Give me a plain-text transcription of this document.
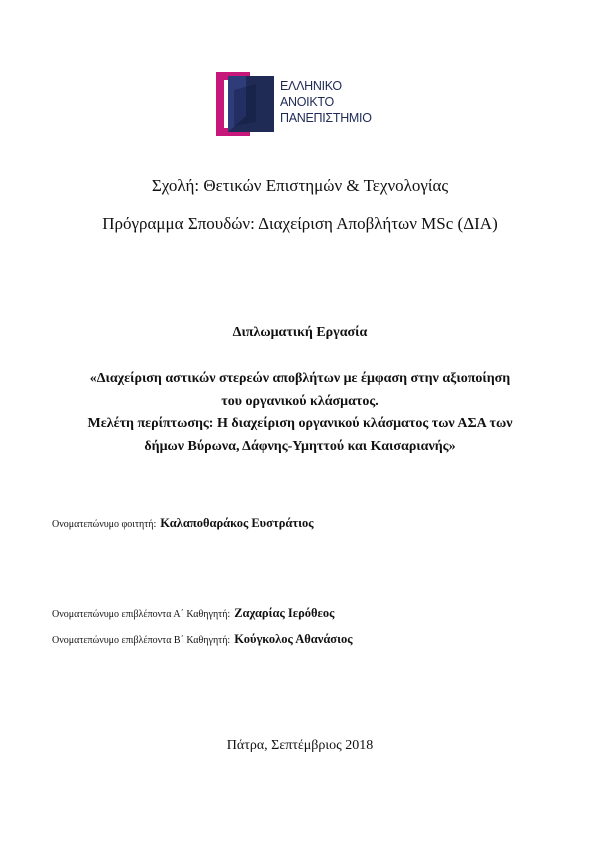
ΕΛΛΗΝΙΚΟ
ΑΝΟΙΚΤΟ
ΠΑΝΕΠΙΣΤΗΜΙΟ
Σχολή: Θετικών Επιστημών & Τεχνολογίας
Πρόγραμμα Σπουδών: Διαχείριση Αποβλήτων MSc (ΔΙΑ)
Διπλωματική Εργασία
«Διαχείριση αστικών στερεών αποβλήτων με έμφαση στην αξιοποίηση
του οργανικού κλάσματος.
Μελέτη περίπτωσης: Η διαχείριση οργανικού κλάσματος των ΑΣΑ των
δήμων Βύρωνα, Δάφνης-Υμηττού και Καισαριανής»
Ονοματεπώνυμο φοιτητή: Καλαποθαράκος Ευστράτιος
Ονοματεπώνυμο επιβλέποντα Α΄ Καθηγητή: Ζαχαρίας Ιερόθεος
Ονοματεπώνυμο επιβλέποντα Β΄ Καθηγητή: Κούγκολος Αθανάσιος
Πάτρα, Σεπτέμβριος 2018
